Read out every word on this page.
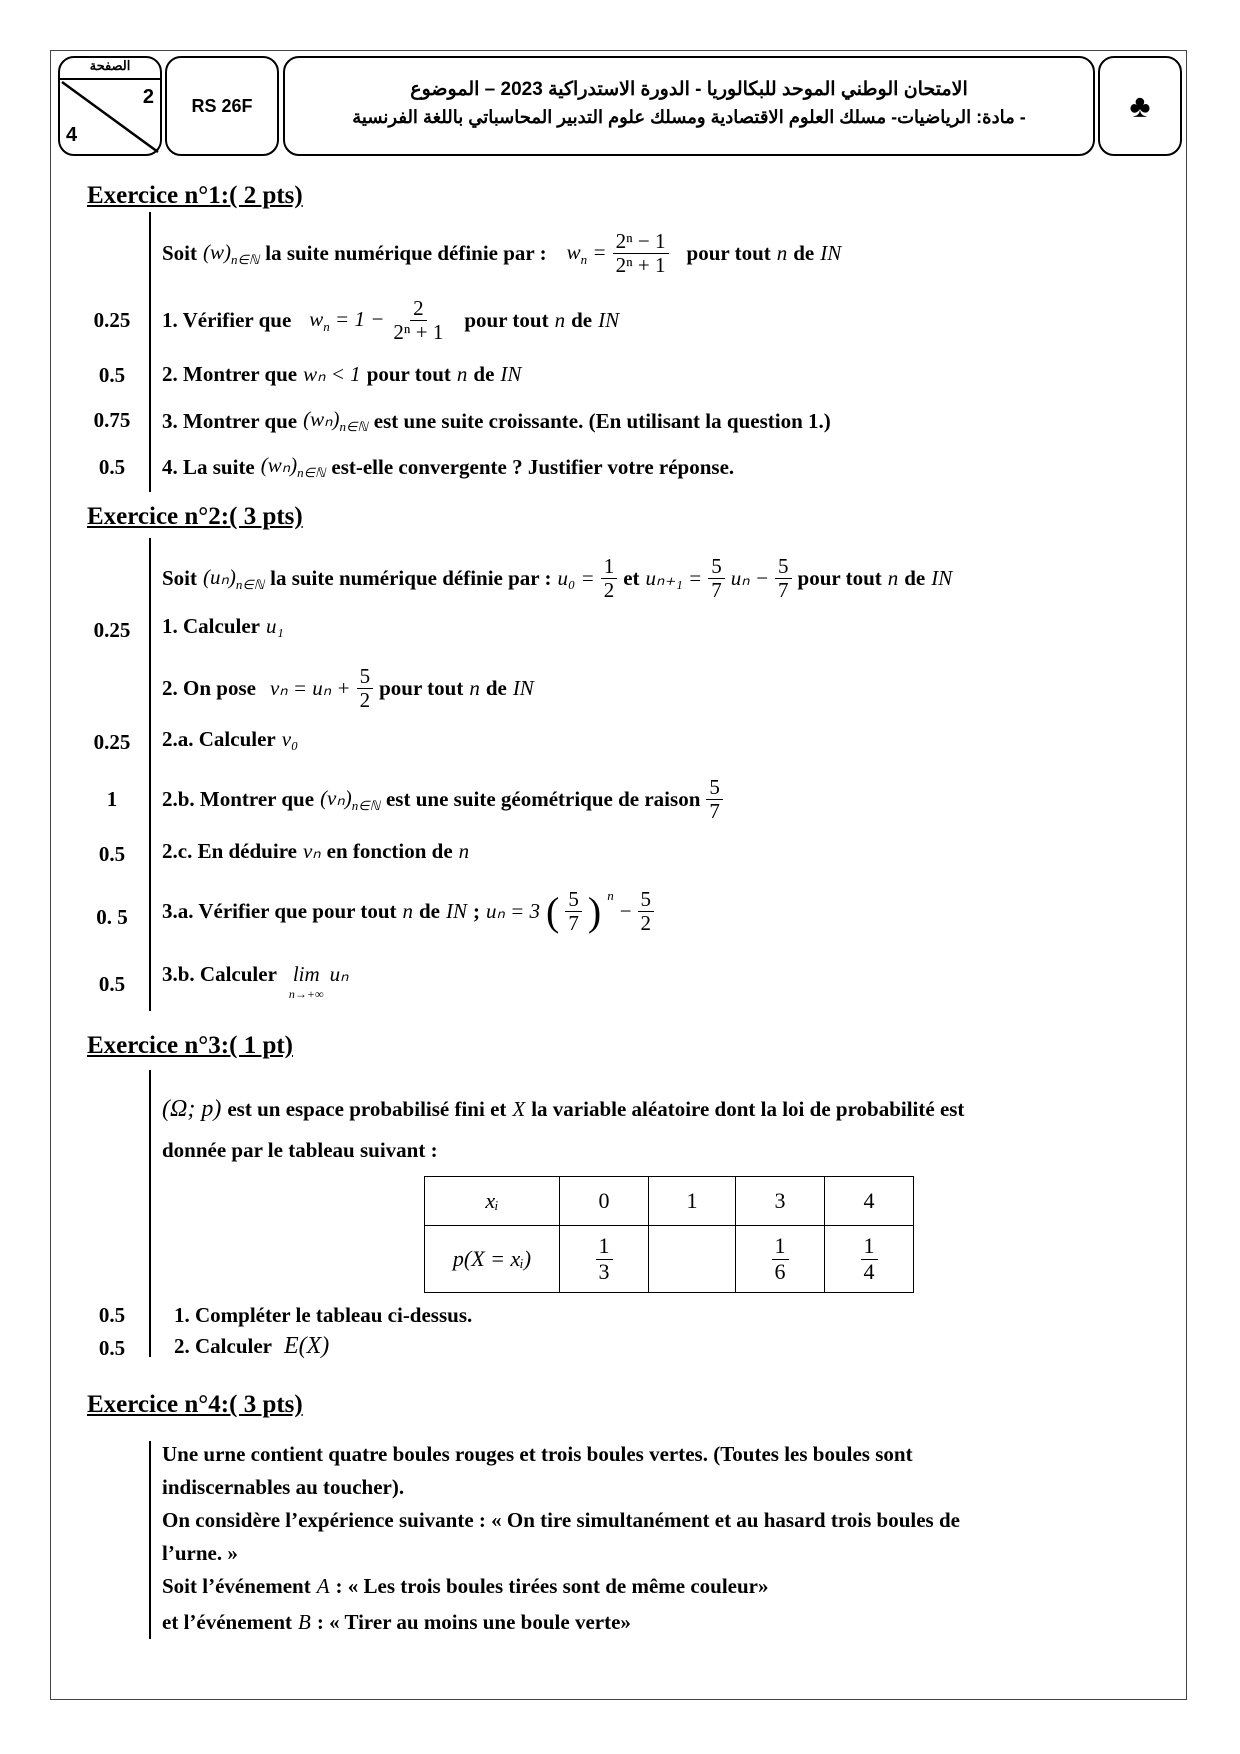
الصفحة
2
4
RS 26F
الامتحان الوطني الموحد للبكالوريا - الدورة الاستدراكية 2023 – الموضوع
- مادة: الرياضيات- مسلك العلوم الاقتصادية ومسلك علوم التدبير المحاسباتي باللغة الفرنسية	♣
Exercice n°1:( 2 pts)
Soit $(w)_{n\in ℕ}$ la suite numérique définie par : $w_n = \frac{\text{2ⁿ − 1}}{\text{2ⁿ + 1}}$ pour tout n de IN
0.25	1. Vérifier que $w_n = 1 - \frac{2}{\text{2ⁿ + 1}}$ pour tout n de IN
0.5	2. Montrer que wₙ < 1 pour tout n de IN
0.75	3. Montrer que $(w_n)_{n\in ℕ}$ est une suite croissante. (En utilisant la question 1.)
0.5	4. La suite $(w_n)_{n\in ℕ}$ est-elle convergente ? Justifier votre réponse.
Exercice n°2:( 3 pts)
Soit $(u_n)_{n\in ℕ}$ la suite numérique définie par : $u_0 = \frac{1}{2}$ et $u_{n+1} = \frac{5}{7}$ $u_n - \frac{5}{7}$ pour tout n de IN
0.25	1. Calculer u₁
2. On pose $v_n = u_n + \frac{5}{2}$ pour tout n de IN
0.25	2.a. Calculer v₀
1	2.b. Montrer que $(v_n)_{n\in ℕ}$ est une suite géométrique de raison
5
7
0.5	2.c. En déduire vₙ en fonction de n
0. 5	3.a. Vérifier que pour tout n de IN ; uₙ = 3 ( 5
7 ) $^n$
− $\frac{5}{2}$
0.5	3.b. Calculer lim
n→+∞
uₙ
Exercice n°3:( 1 pt)
(Ω; p) est un espace probabilisé fini et X la variable aléatoire dont la loi de probabilité est
donnée par le tableau suivant :
xᵢ	0	1	3	4
p(X = xᵢ)	$\frac{1}{3}$		$\frac{1}{6}$	$\frac{1}{4}$
0.5	1. Compléter le tableau ci-dessus.
0.5	2. Calculer E(X)
Exercice n°4:( 3 pts)
Une urne contient quatre boules rouges et trois boules vertes. (Toutes les boules sont
indiscernables au toucher).
On considère l’expérience suivante : « On tire simultanément et au hasard trois boules de
l’urne. »
Soit l’événement A : « Les trois boules tirées sont de même couleur»
et l’événement B : « Tirer au moins une boule verte»
